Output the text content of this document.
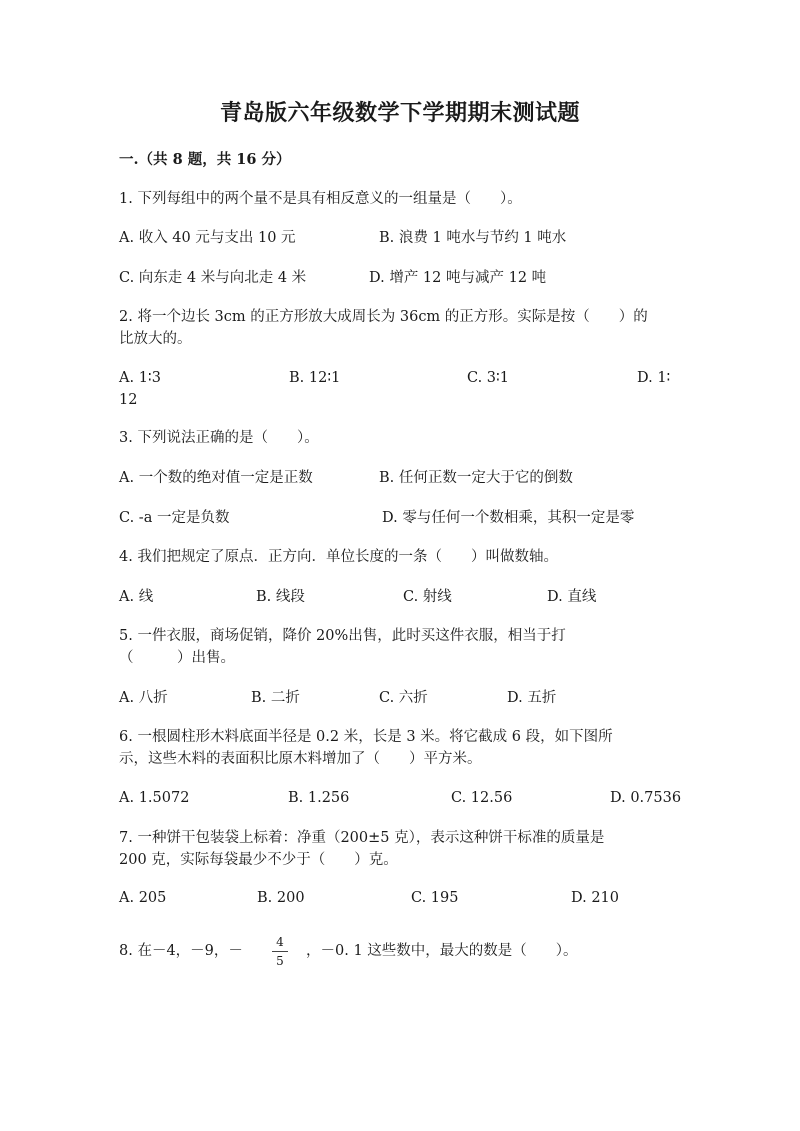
青岛版六年级数学下学期期末测试题
一.（共 8 题，共 16 分）
1. 下列每组中的两个量不是具有相反意义的一组量是（　　）。
A. 收入 40 元与支出 10 元	B. 浪费 1 吨水与节约 1 吨水
C. 向东走 4 米与向北走 4 米	D. 增产 12 吨与减产 12 吨
2. 将一个边长 3cm 的正方形放大成周长为 36cm 的正方形。实际是按（　　）的
比放大的。
A. 1∶3	B. 12∶1	C. 3∶1	D. 1∶
12
3. 下列说法正确的是（　　）。
A. 一个数的绝对值一定是正数	B. 任何正数一定大于它的倒数
C. -a 一定是负数	D. 零与任何一个数相乘，其积一定是零
4. 我们把规定了原点．正方向．单位长度的一条（　　）叫做数轴。
A. 线	B. 线段	C. 射线	D. 直线
5. 一件衣服，商场促销，降价 20%出售，此时买这件衣服，相当于打
（　　　）出售。
A. 八折	B. 二折	C. 六折	D. 五折
6. 一根圆柱形木料底面半径是 0.2 米，长是 3 米。将它截成 6 段，如下图所
示，这些木料的表面积比原木料增加了（　　）平方米。
A. 1.5072	B. 1.256	C. 12.56	D. 0.7536
7. 一种饼干包装袋上标着：净重（200±5 克），表示这种饼干标准的质量是
200 克，实际每袋最少不少于（　　）克。
A. 205	B. 200	C. 195	D. 210
8. 在－4，－9，－
4
5
，－0. 1 这些数中，最大的数是（　　）。
